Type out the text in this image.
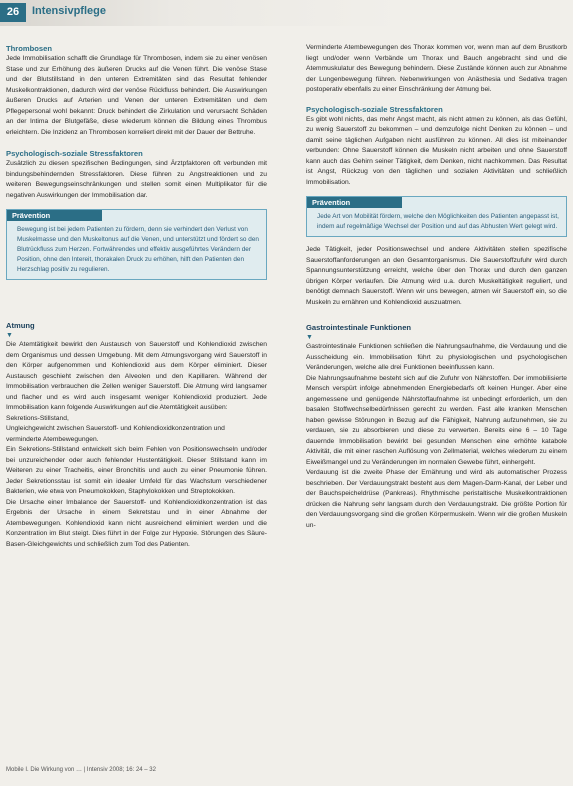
26	Intensivpflege
Thrombosen
Jede Immobilisation schafft die Grundlage für Thrombosen, indem sie zu einer venösen Stase und zur Erhöhung des äußeren Drucks auf die Venen führt. Die venöse Stase und der Blutstillstand in den unteren Extremitäten sind das Resultat fehlender Muskelkontraktionen, dadurch wird der venöse Rückfluss behindert. Die Auswirkungen äußeren Drucks auf Arterien und Venen der unteren Extremitäten und dem Pflegepersonal wohl bekannt: Druck behindert die Zirkulation und verursacht Schäden an der Intima der Blutgefäße, diese wiederum können die Bildung eines Thrombus erleichtern. Die Inzidenz an Thrombosen korreliert direkt mit der Dauer der Bettruhe.
Psychologisch-soziale Stressfaktoren
Zusätzlich zu diesen spezifischen Bedingungen, sind Ärztpfaktoren oft verbunden mit bindungsbehindernden Stressfaktoren. Diese führen zu Angstreaktionen und zu weiteren Bewegungseinschränkungen und stellen somit einen Multiplikator für die negativen Auswirkungen der Immobilisation dar.
Prävention
Bewegung ist bei jedem Patienten zu fördern, denn sie verhindert den Verlust von Muskelmasse und den Muskeltonus auf die Venen, und unterstützt und fördert so den Blutrückfluss zum Herzen. Fortwährendes und effektiv ausgeführtes Verändern der Position, ohne den Intereit, thorakalen Druck zu erhöhen, hilft den Patienten den Herzschlag positiv zu regulieren.
Atmung
▼
Die Atemtätigkeit bewirkt den Austausch von Sauerstoff und Kohlendioxid zwischen dem Organismus und dessen Umgebung. Mit dem Atmungsvorgang wird Sauerstoff in den Körper aufgenommen und Kohlendioxid aus dem Körper eliminiert. Dieser Austausch geschieht zwischen den Alveolen und den Kapillaren. Während der Immobilisation verbrauchen die Zellen weniger Sauerstoff. Die Atmung wird langsamer und flacher und es wird auch insgesamt weniger Kohlendioxid produziert. Jede Immobilisation kann folgende Auswirkungen auf die Atemtätigkeit ausüben:
Sekretions-Stillstand,
Ungleichgewicht zwischen Sauerstoff- und Kohlendioxidkonzentration und
verminderte Atembewegungen.
Ein Sekretions-Stillstand entwickelt sich beim Fehlen von Positionswechseln und/oder bei unzureichender oder auch fehlender Hustentätigkeit. Dieser Stillstand kann im Weiteren zu einer Tracheitis, einer Bronchitis und auch zu einer Pneumonie führen. Jeder Sekretionsstau ist somit ein idealer Umfeld für das Wachstum verschiedener Bakterien, wie etwa von Pneumokokken, Staphylokokken und Streptokokken.
Die Ursache einer Imbalance der Sauerstoff- und Kohlendioxidkonzentration ist das Ergebnis der Ursache in einem Sekretstau und in einer Abnahme der Atembewegungen. Kohlendioxid kann nicht ausreichend eliminiert werden und die Konzentration im Blut steigt. Dies führt in der Folge zur Hypoxie. Störungen des Säure-Basen-Gleichgewichts und schließlich zum Tod des Patienten.
Verminderte Atembewegungen des Thorax kommen vor, wenn man auf dem Brustkorb liegt und/oder wenn Verbände um Thorax und Bauch angebracht sind und die Atemmuskulatur des Bewegung behindern. Diese Zustände können auch zur Abnahme der Lungenbewegung führen. Nebenwirkungen von Anästhesia und Sedativa tragen postoperativ ebenfalls zu einer Einschränkung der Atmung bei.
Psychologisch-soziale Stressfaktoren
Es gibt wohl nichts, das mehr Angst macht, als nicht atmen zu können, als das Gefühl, zu wenig Sauerstoff zu bekommen – und demzufolge nicht Denken zu können – und damit seine täglichen Aufgaben nicht ausführen zu können. All dies ist miteinander verbunden: Ohne Sauerstoff können die Muskeln nicht arbeiten und ohne Sauerstoff kann auch das Gehirn seiner Tätigkeit, dem Denken, nicht nachkommen. Das Resultat ist Angst, Rückzug von den täglichen und sozialen Aktivitäten und schließlich Immobilisation.
Prävention
Jede Art von Mobilität fördern, welche den Möglichkeiten des Patienten angepasst ist, indem auf regelmäßige Wechsel der Position und auf das Abhusten Wert gelegt wird.
Jede Tätigkeit, jeder Positionswechsel und andere Aktivitäten stellen spezifische Sauerstoffanforderungen an den Gesamtorganismus. Die Sauerstoffzufuhr wird durch Spannungsunterstützung erreicht, welche über den Thorax und durch den ganzen übrigen Körper verlaufen. Die Atmung wird u.a. durch Muskeltätigkeit reguliert, und benötigt demnach Sauerstoff. Wenn wir uns bewegen, atmen wir Sauerstoff ein, so die Muskeln zu ernähren und Kohlendioxid auszuatmen.
Gastrointestinale Funktionen
▼
Gastrointestinale Funktionen schließen die Nahrungsaufnahme, die Verdauung und die Ausscheidung ein. Immobilisation führt zu physiologischen und psychologischen Veränderungen, welche alle drei Funktionen beeinflussen kann.
Die Nahrungsaufnahme besteht sich auf die Zufuhr von Nährstoffen. Der immobilisierte Mensch verspürt infolge abnehmenden Energiebedarfs oft keinen Hunger. Aber eine angemessene und genügende Nährstoffaufnahme ist unbedingt erforderlich, um den basalen Stoffwechselbedürfnissen gerecht zu werden. Fast alle kranken Menschen haben gewisse Störungen in Bezug auf die Fähigkeit, Nahrung aufzunehmen, sie zu verdauen, sie zu absorbieren und diese zu verwerten. Bereits eine 6 – 10 Tage dauernde Immobilisation bewirkt bei gesunden Menschen eine erhöhte katabole Aktivität, die mit einer raschen Auflösung von Zellmaterial, welches wiederum zu einem Eiweißmangel und zu Veränderungen im normalen Gewebe führt, einhergeht.
Verdauung ist die zweite Phase der Ernährung und wird als automatischer Prozess beschrieben. Der Verdauungstrakt besteht aus dem Magen-Darm-Kanal, der Leber und der Bauchspeicheldrüse (Pankreas). Rhythmische peristaltische Muskelkontraktionen drücken die Nahrung sehr langsam durch den Verdauungstrakt. Die größte Portion für den Verdauungsvorgang sind die großen Körpermuskeln. Wenn wir die großen Muskeln un-
Mobile I. Die Wirkung von … | Intensiv 2008; 16: 24 – 32
